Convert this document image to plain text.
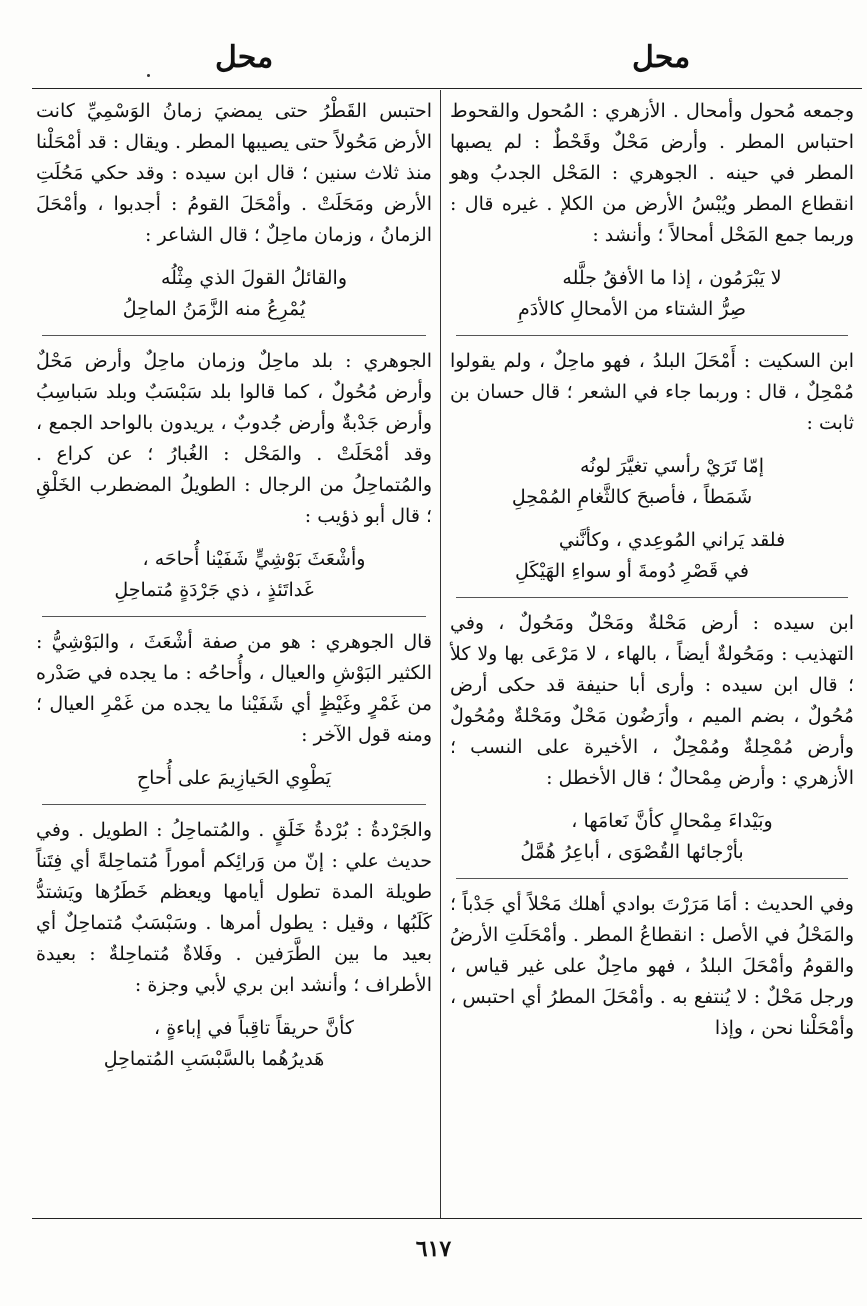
محل	محل

وجمعه مُحول وأمحال . الأزهري : المُحول والقحوط احتباس المطر . وأرض مَحْلٌ وقَحْطٌ : لم يصبها المطر في حينه . الجوهري : المَحْل الجدبُ وهو انقطاع المطر ويُبْسُ الأرض من الكلإ . غيره قال : وربما جمع المَحْل أمحالاً ؛ وأنشد :

لا يَبْرَمُون ، إذا ما الأفقُ جلَّله
صِرُّ الشتاء من الأمحالِ كالأدَمِ

ابن السكيت : أَمْحَلَ البلدُ ، فهو ماحِلٌ ، ولم يقولوا مُمْحِلٌ ، قال : وربما جاء في الشعر ؛ قال حسان بن ثابت :

إمّا تَرَيْ رأسي تغيَّرَ لونُه
شَمَطاً ، فأصبحَ كالثَّغامِ المُمْحِلِ
فلقد يَراني المُوعِدي ، وكأنَّني
في قَصْرِ دُومةَ أو سواءِ الهَيْكَلِ

ابن سيده : أرض مَحْلةٌ ومَحْلٌ ومَحُولٌ ، وفي التهذيب : ومَحُولةٌ أيضاً ، بالهاء ، لا مَرْعَى بها ولا كلأ ؛ قال ابن سيده : وأرى أبا حنيفة قد حكى أرض مُحُولٌ ، بضم الميم ، وأرَضُون مَحْلٌ ومَحْلةٌ ومُحُولٌ وأرض مُمْحِلةٌ ومُمْحِلٌ ، الأخيرة على النسب ؛ الأزهري : وأرض مِمْحالٌ ؛ قال الأخطل :

وبَيْداءَ مِمْحالٍ كأنَّ نَعامَها ،
بأرْجائها القُصْوَى ، أباعِرُ هُمَّلُ

وفي الحديث : أمَا مَرَرْتَ بوادي أهلك مَحْلاً أي جَدْباً ؛ والمَحْلُ في الأصل : انقطاعُ المطر . وأمْحَلَتِ الأرضُ والقومُ وأمْحَلَ البلدُ ، فهو ماحِلٌ على غير قياس ، ورجل مَحْلٌ : لا يُنتفع به . وأمْحَلَ المطرُ أي احتبس ، وأمْحَلْنا نحن ، وإذا

احتبس القَطْرُ حتى يمضيَ زمانُ الوَسْمِيِّ كانت الأرض مَحُولاً حتى يصيبها المطر . ويقال : قد أمْحَلْنا منذ ثلاث سنين ؛ قال ابن سيده : وقد حكي مَحُلَتِ الأرض ومَحَلَتْ . وأمْحَلَ القومُ : أجدبوا ، وأمْحَلَ الزمانُ ، وزمان ماحِلٌ ؛ قال الشاعر :

والقائلُ القولَ الذي مِثْلُه
يُمْرِعُ منه الزَّمَنُ الماحِلُ

الجوهري : بلد ماحِلٌ وزمان ماحِلٌ وأرض مَحْلٌ وأرض مُحُولٌ ، كما قالوا بلد سَبْسَبٌ وبلد سَباسِبُ وأرض جَدْبةٌ وأرض جُدوبٌ ، يريدون بالواحد الجمع ، وقد أمْحَلَتْ . والمَحْل : الغُبارُ ؛ عن كراع . والمُتماحِلُ من الرجال : الطويلُ المضطرب الخَلْقِ ؛ قال أبو ذؤيب :

وأشْعَثَ بَوْشِيٍّ شَفَيْنا أُحاحَه ،
غَداتَئذٍ ، ذي جَرْدَةٍ مُتماحِلِ

قال الجوهري : هو من صفة أشْعَثَ ، والبَوْشِيُّ : الكثير البَوْشِ والعيال ، وأُحاحُه : ما يجده في صَدْره من غَمْرٍ وغَيْظٍ أي شَفَيْنا ما يجده من غَمْرِ العيال ؛ ومنه قول الآخر :

يَطْوِي الحَيازِيمَ على أُحاحِ

والجَرْدةُ : بُرْدةُ خَلَقٍ . والمُتماحِلُ : الطويل . وفي حديث علي : إنّ من وَرائِكم أموراً مُتماحِلةً أي فِتَناً طويلة المدة تطول أيامها ويعظم خَطَرُها ويَشتدُّ كَلَبُها ، وقيل : يطول أمرها . وسَبْسَبٌ مُتماحِلٌ أي بعيد ما بين الطَّرَفين . وفَلاةٌ مُتماحِلةٌ : بعيدة الأطراف ؛ وأنشد ابن بري لأبي وجزة :

كأنَّ حريقاً تاقِباً في إباءةٍ ،
هَديرُهُما بالسَّبْسَبِ المُتماحِلِ
٦١٧
